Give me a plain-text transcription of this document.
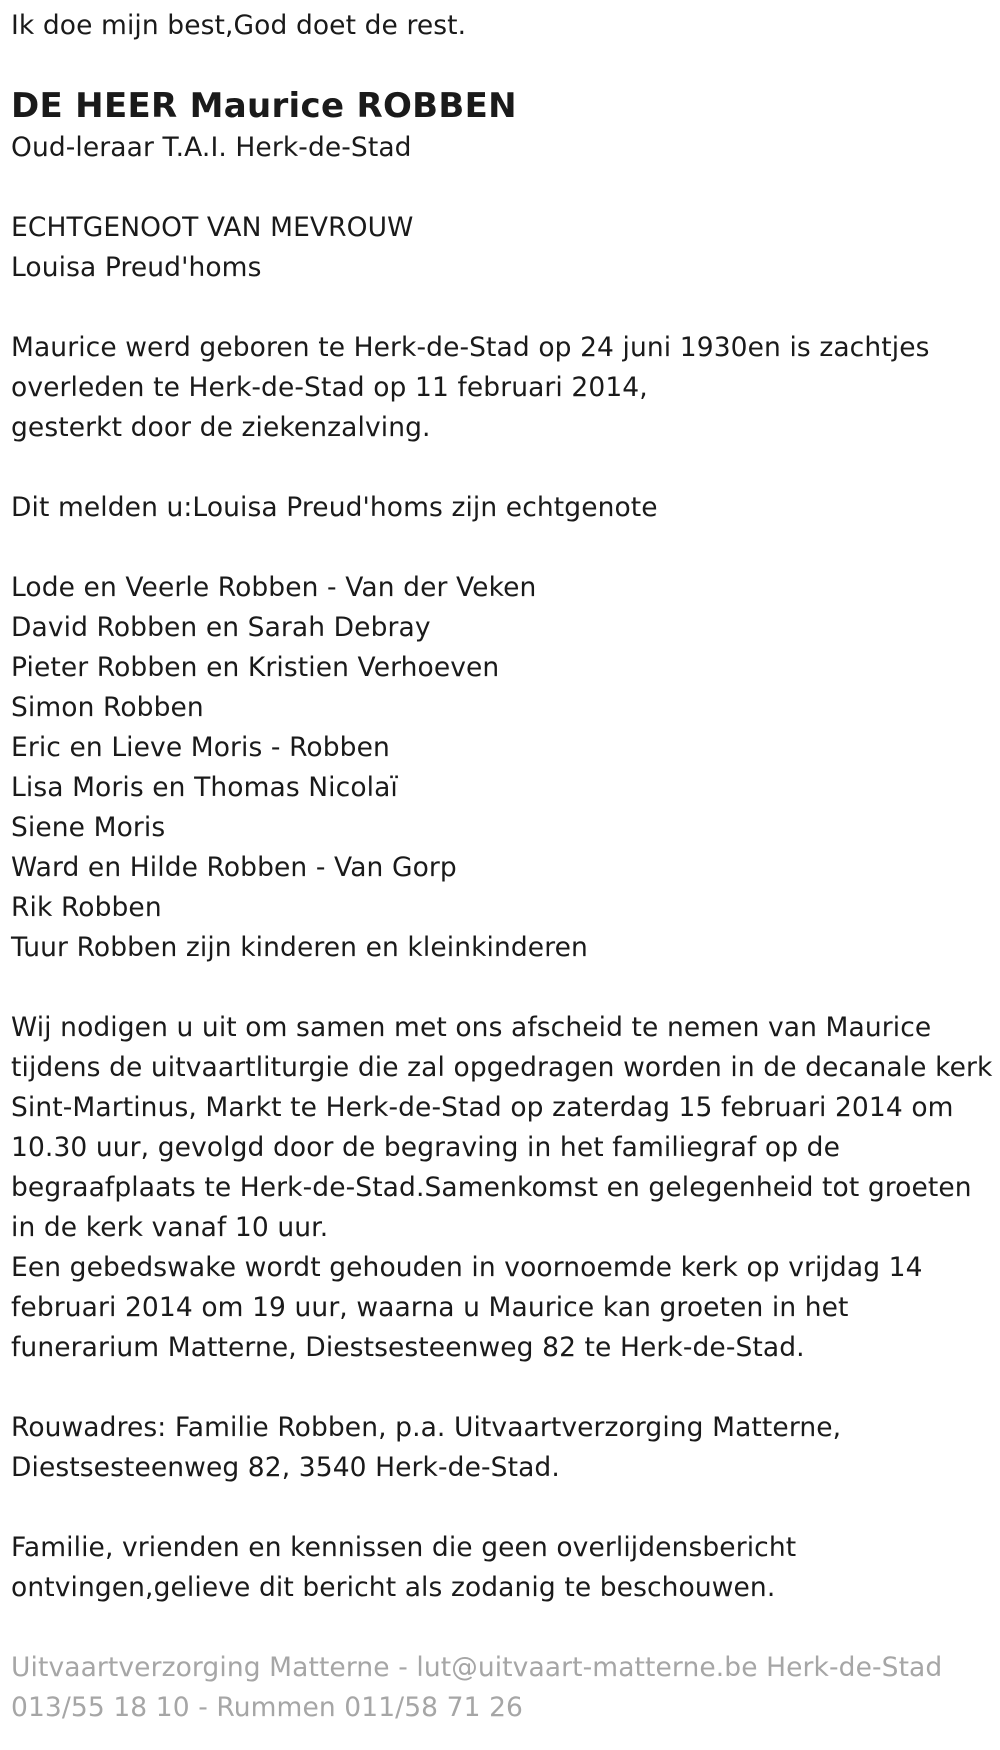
Ik doe mijn best,God doet de rest.
DE HEER Maurice ROBBEN
Oud-leraar T.A.I. Herk-de-Stad
ECHTGENOOT VAN MEVROUW
Louisa Preud'homs
Maurice werd geboren te Herk-de-Stad op 24 juni 1930en is zachtjes
overleden te Herk-de-Stad op 11 februari 2014,
gesterkt door de ziekenzalving.
Dit melden u:Louisa Preud'homs zijn echtgenote
Lode en Veerle Robben - Van der Veken
David Robben en Sarah Debray
Pieter Robben en Kristien Verhoeven
Simon Robben
Eric en Lieve Moris - Robben
Lisa Moris en Thomas Nicolaï
Siene Moris
Ward en Hilde Robben - Van Gorp
Rik Robben
Tuur Robben zijn kinderen en kleinkinderen
Wij nodigen u uit om samen met ons afscheid te nemen van Maurice
tijdens de uitvaartliturgie die zal opgedragen worden in de decanale kerk
Sint-Martinus, Markt te Herk-de-Stad op zaterdag 15 februari 2014 om
10.30 uur, gevolgd door de begraving in het familiegraf op de
begraafplaats te Herk-de-Stad.Samenkomst en gelegenheid tot groeten
in de kerk vanaf 10 uur.
Een gebedswake wordt gehouden in voornoemde kerk op vrijdag 14
februari 2014 om 19 uur, waarna u Maurice kan groeten in het
funerarium Matterne, Diestsesteenweg 82 te Herk-de-Stad.
Rouwadres: Familie Robben, p.a. Uitvaartverzorging Matterne,
Diestsesteenweg 82, 3540 Herk-de-Stad.
Familie, vrienden en kennissen die geen overlijdensbericht
ontvingen,gelieve dit bericht als zodanig te beschouwen.
Uitvaartverzorging Matterne - lut@uitvaart-matterne.be Herk-de-Stad
013/55 18 10 - Rummen 011/58 71 26
